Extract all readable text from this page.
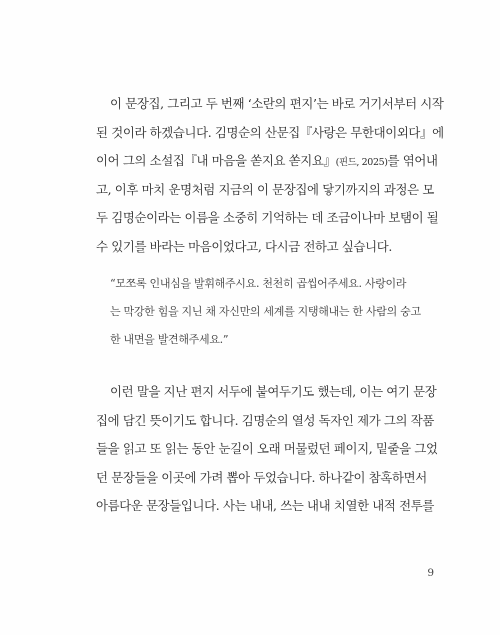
이 문장집, 그리고 두 번째 ‘소란의 편지’는 바로 거기서부터 시작
된 것이라 하겠습니다. 김명순의 산문집『사랑은 무한대이외다』에
이어 그의 소설집『내 마음을 쏟지요 쏟지요』(핀드, 2025)를 엮어내
고, 이후 마치 운명처럼 지금의 이 문장집에 닿기까지의 과정은 모
두 김명순이라는 이름을 소중히 기억하는 데 조금이나마 보탬이 될
수 있기를 바라는 마음이었다고, 다시금 전하고 싶습니다.
“모쪼록 인내심을 발휘해주시요. 천천히 곱씹어주세요. 사랑이라
는 막강한 힘을 지닌 채 자신만의 세계를 지탱해내는 한 사람의 숭고
한 내면을 발견해주세요.”
이런 말을 지난 편지 서두에 붙여두기도 했는데, 이는 여기 문장
집에 담긴 뜻이기도 합니다. 김명순의 열성 독자인 제가 그의 작품
들을 읽고 또 읽는 동안 눈길이 오래 머물렀던 페이지, 밑줄을 그었
던 문장들을 이곳에 가려 뽑아 두었습니다. 하나같이 참혹하면서
아름다운 문장들입니다. 사는 내내, 쓰는 내내 치열한 내적 전투를
9
